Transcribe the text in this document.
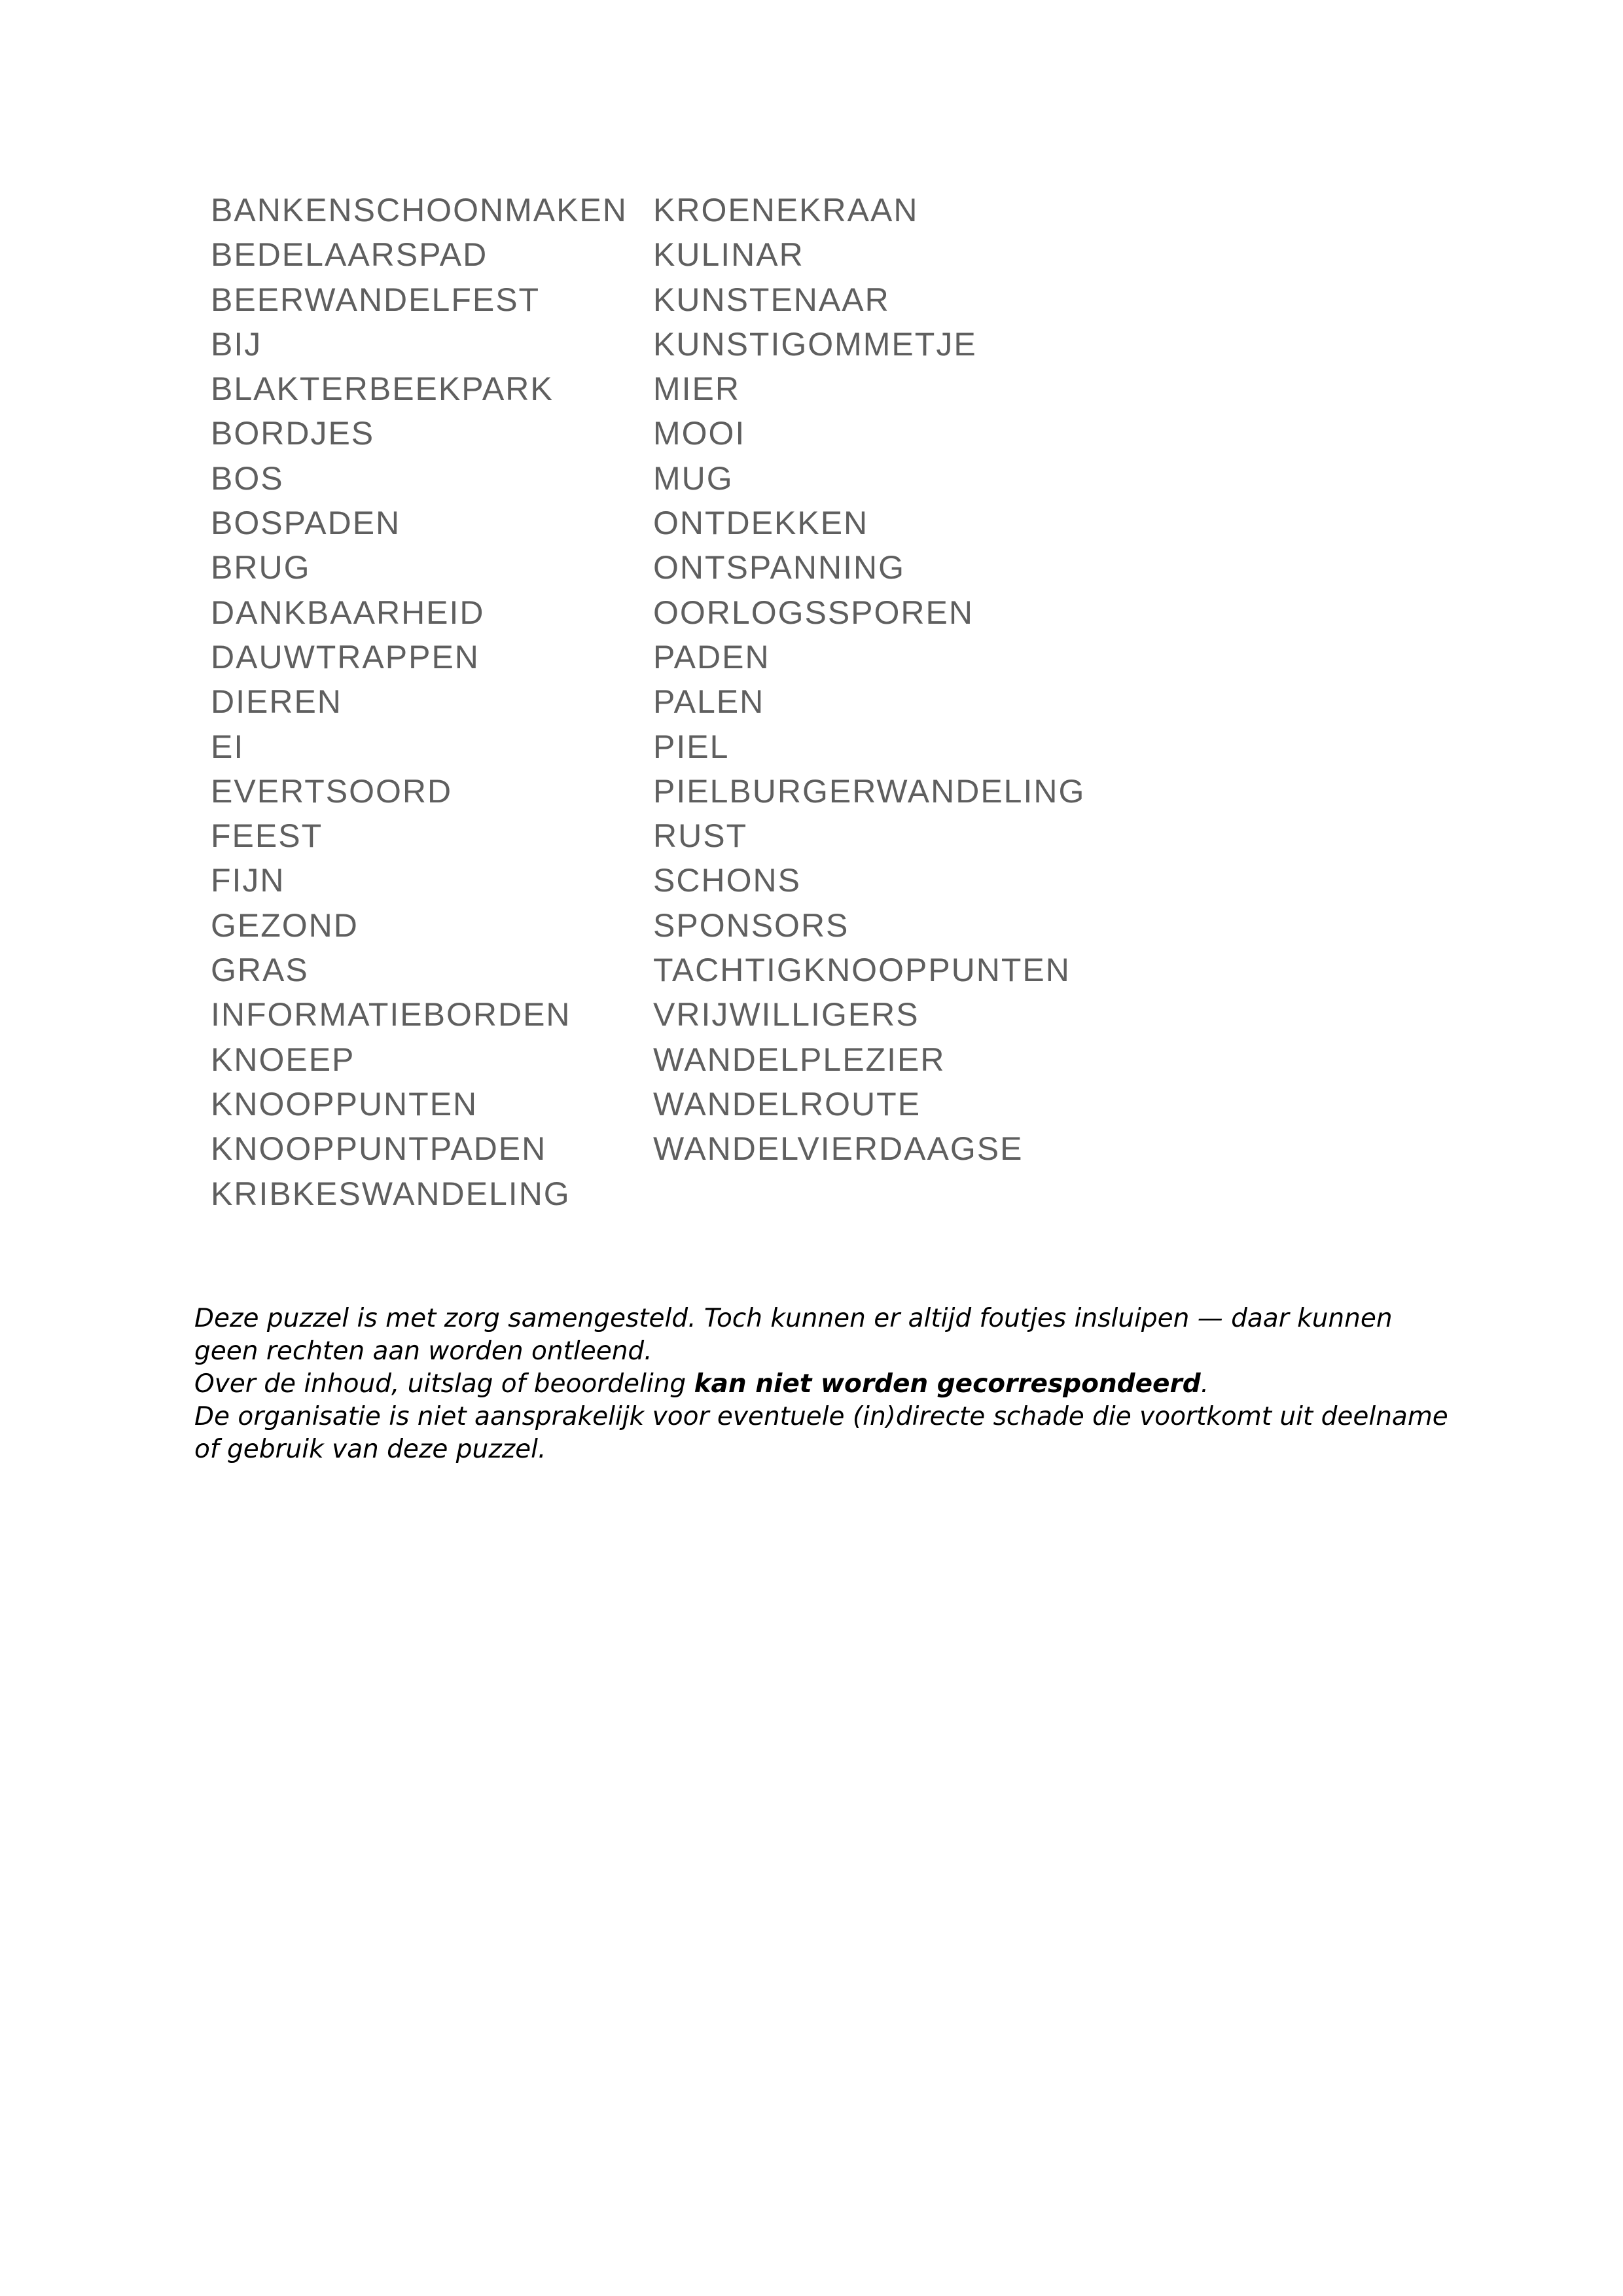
BANKENSCHOONMAKEN
BEDELAARSPAD
BEERWANDELFEST
BIJ
BLAKTERBEEKPARK
BORDJES
BOS
BOSPADEN
BRUG
DANKBAARHEID
DAUWTRAPPEN
DIEREN
EI
EVERTSOORD
FEEST
FIJN
GEZOND
GRAS
INFORMATIEBORDEN
KNOEEP
KNOOPPUNTEN
KNOOPPUNTPADEN
KRIBKESWANDELING
KROENEKRAAN
KULINAR
KUNSTENAAR
KUNSTIGOMMETJE
MIER
MOOI
MUG
ONTDEKKEN
ONTSPANNING
OORLOGSSPOREN
PADEN
PALEN
PIEL
PIELBURGERWANDELING
RUST
SCHONS
SPONSORS
TACHTIGKNOOPPUNTEN
VRIJWILLIGERS
WANDELPLEZIER
WANDELROUTE
WANDELVIERDAAGSE

Deze puzzel is met zorg samengesteld. Toch kunnen er altijd foutjes insluipen — daar kunnen geen rechten aan worden ontleend.

Over de inhoud, uitslag of beoordeling kan niet worden gecorrespondeerd.

De organisatie is niet aansprakelijk voor eventuele (in)directe schade die voortkomt uit deelname of gebruik van deze puzzel.
